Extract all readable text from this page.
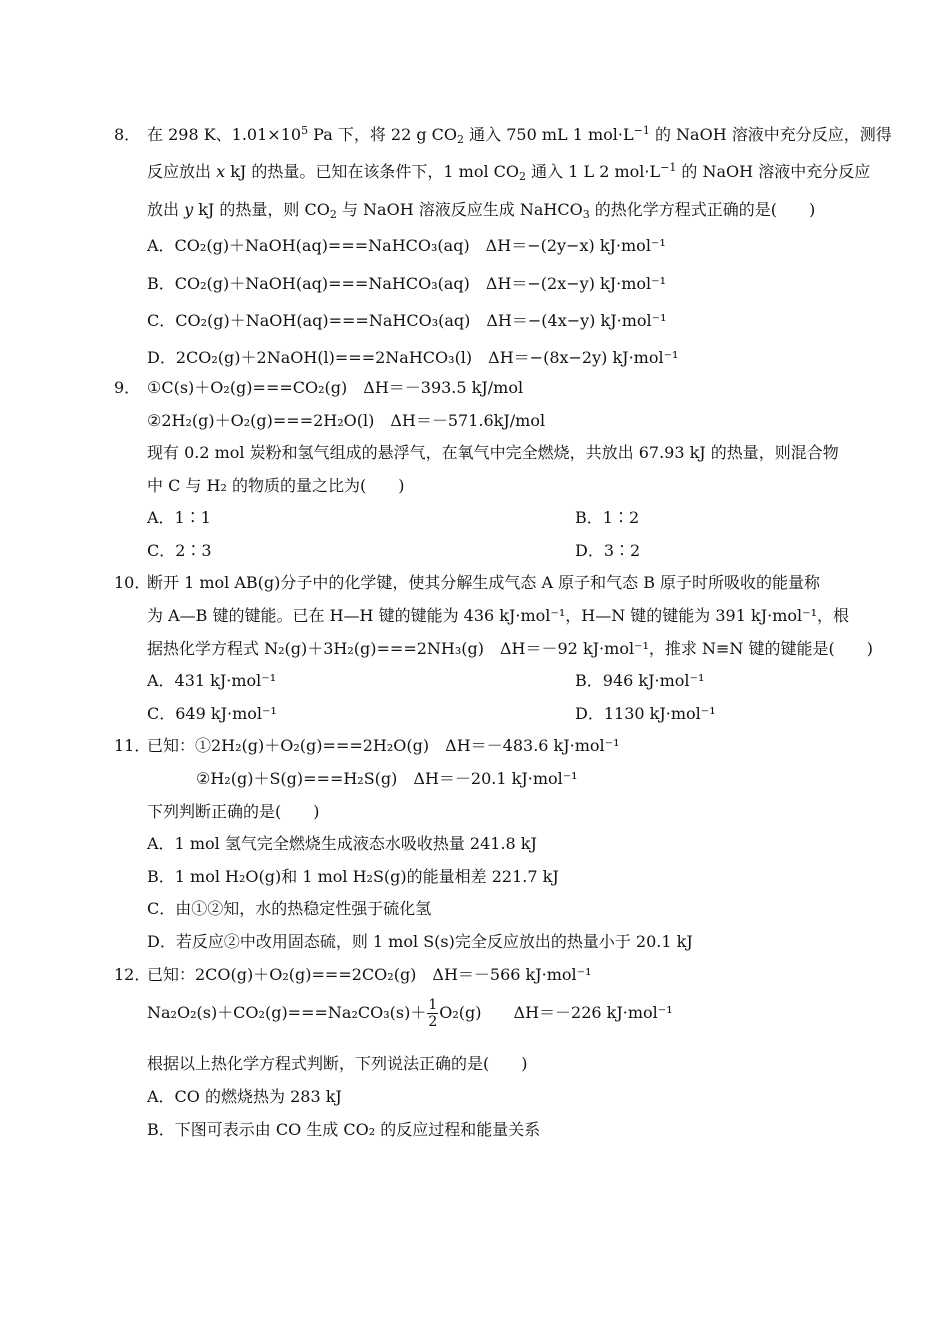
8． 在 298 K、$1.01\times 10^5$ Pa 下，将 22 g $CO_2$ 通入 750 mL 1 $mol\cdot L^{-1}$ 的 NaOH 溶液中充分反应，测得
反应放出 x kJ 的热量。已知在该条件下，1 mol $CO_2$ 通入 1 L 2 $mol\cdot L^{-1}$ 的 NaOH 溶液中充分反应
放出 y kJ 的热量，则 $CO_2$ 与 NaOH 溶液反应生成 NaHCO$_3$ 的热化学方程式正确的是(　　)
A．CO₂(g)＋NaOH(aq)===NaHCO₃(aq)　ΔH＝−(2y−x) kJ·mol⁻¹
B．CO₂(g)＋NaOH(aq)===NaHCO₃(aq)　ΔH＝−(2x−y) kJ·mol⁻¹
C．CO₂(g)＋NaOH(aq)===NaHCO₃(aq)　ΔH＝−(4x−y) kJ·mol⁻¹
D．2CO₂(g)＋2NaOH(l)===2NaHCO₃(l)　ΔH＝−(8x−2y) kJ·mol⁻¹
9． ①C(s)＋O₂(g)===CO₂(g)　ΔH＝－393.5 kJ/mol
②2H₂(g)＋O₂(g)===2H₂O(l)　ΔH＝－571.6kJ/mol
现有 0.2 mol 炭粉和氢气组成的悬浮气，在氧气中完全燃烧，共放出 67.93 kJ 的热量，则混合物
中 C 与 H₂ 的物质的量之比为(　　)
A．1∶1	B．1∶2
C．2∶3	D．3∶2
10．
断开 1 mol AB(g)分子中的化学键，使其分解生成气态 A 原子和气态 B 原子时所吸收的能量称
为 A—B 键的键能。已在 H—H 键的键能为 436 kJ·mol⁻¹，H—N 键的键能为 391 kJ·mol⁻¹，根
据热化学方程式 N₂(g)＋3H₂(g)===2NH₃(g)　ΔH＝－92 kJ·mol⁻¹，推求 N≡N 键的键能是(　　)
A．431 kJ·mol⁻¹	B．946 kJ·mol⁻¹
C．649 kJ·mol⁻¹	D．1130 kJ·mol⁻¹
11．
已知：①2H₂(g)＋O₂(g)===2H₂O(g)　ΔH＝－483.6 kJ·mol⁻¹
②H₂(g)＋S(g)===H₂S(g)　ΔH＝－20.1 kJ·mol⁻¹
下列判断正确的是(　　)
A．1 mol 氢气完全燃烧生成液态水吸收热量 241.8 kJ
B．1 mol H₂O(g)和 1 mol H₂S(g)的能量相差 221.7 kJ
C．由①②知，水的热稳定性强于硫化氢
D．若反应②中改用固态硫，则 1 mol S(s)完全反应放出的热量小于 20.1 kJ
12．
已知：2CO(g)＋O₂(g)===2CO₂(g)　ΔH＝－566 kJ·mol⁻¹
$Na_2O_2(s)+CO_2(g)===Na_2CO_3(s)+ \frac{1}{2} O_2(g)$　　ΔH＝－226 kJ·mol⁻¹
根据以上热化学方程式判断，下列说法正确的是(　　)
A．CO 的燃烧热为 283 kJ
B．下图可表示由 CO 生成 CO₂ 的反应过程和能量关系
